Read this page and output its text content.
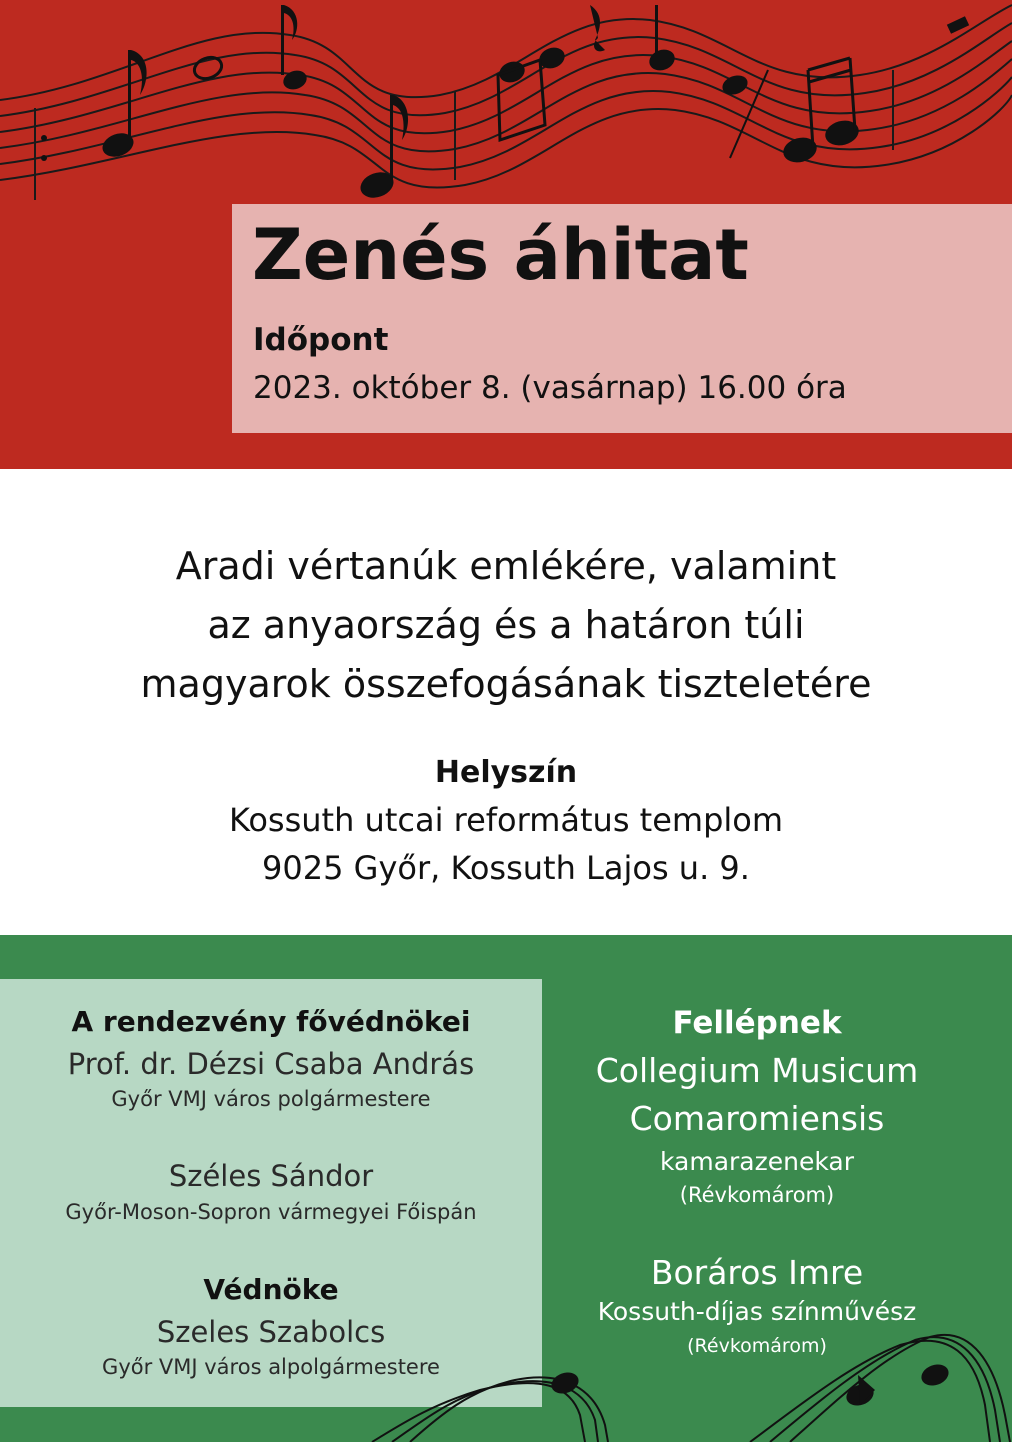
Zenés áhitat
Időpont
2023. október 8. (vasárnap) 16.00 óra
Aradi vértanúk emlékére, valamint
az anyaország és a határon túli
magyarok összefogásának tiszteletére
Helyszín
Kossuth utcai református templom
9025 Győr, Kossuth Lajos u. 9.
A rendezvény fővédnökei
Prof. dr. Dézsi Csaba András
Győr VMJ város polgármestere
Széles Sándor
Győr-Moson-Sopron vármegyei Főispán
Védnöke
Szeles Szabolcs
Győr VMJ város alpolgármestere
Fellépnek
Collegium Musicum
Comaromiensis
kamarazenekar
(Révkomárom)
Boráros Imre
Kossuth-díjas színművész
(Révkomárom)
